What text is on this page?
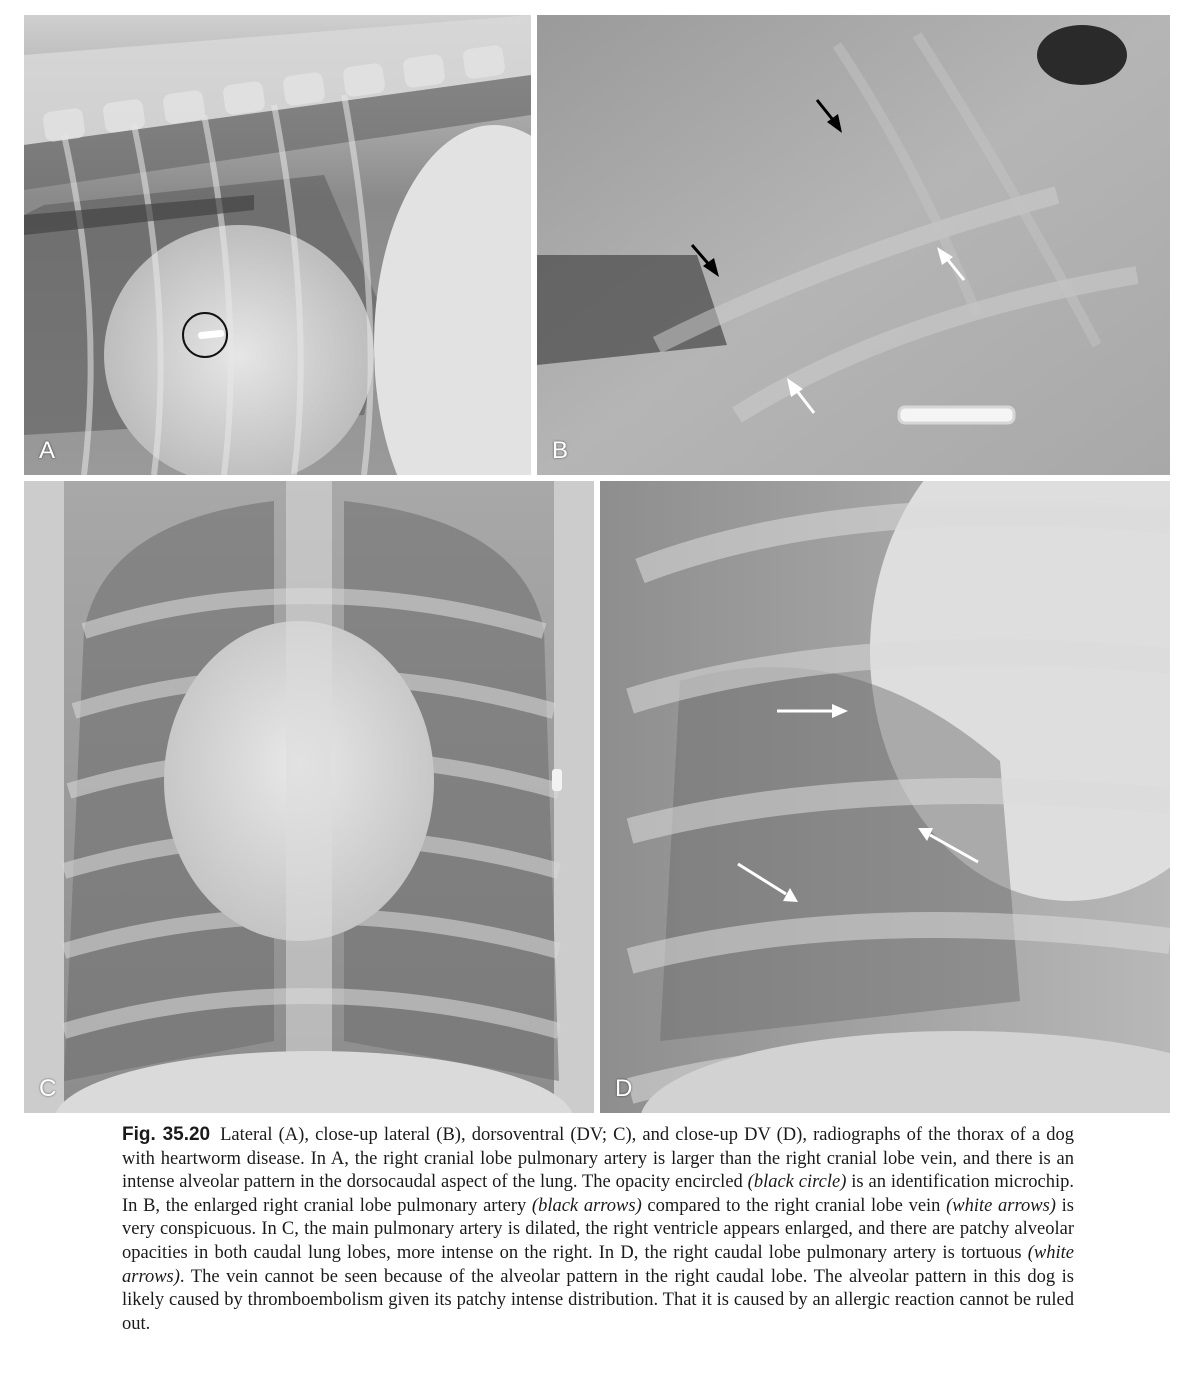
A	B
C	D
Fig. 35.20 Lateral (A), close-up lateral (B), dorsoventral (DV; C), and close-up DV (D), radiographs of the thorax of a dog with heartworm disease. In A, the right cranial lobe pulmonary artery is larger than the right cranial lobe vein, and there is an intense alveolar pattern in the dorsocaudal aspect of the lung. The opacity encircled (black circle) is an identification microchip. In B, the enlarged right cranial lobe pulmonary artery (black arrows) compared to the right cranial lobe vein (white arrows) is very conspicuous. In C, the main pulmonary artery is dilated, the right ventricle appears enlarged, and there are patchy alveolar opacities in both caudal lung lobes, more intense on the right. In D, the right caudal lobe pulmonary artery is tortuous (white arrows). The vein cannot be seen because of the alveolar pattern in the right caudal lobe. The alveolar pattern in this dog is likely caused by thromboembolism given its patchy intense distribution. That it is caused by an allergic reaction cannot be ruled out.
